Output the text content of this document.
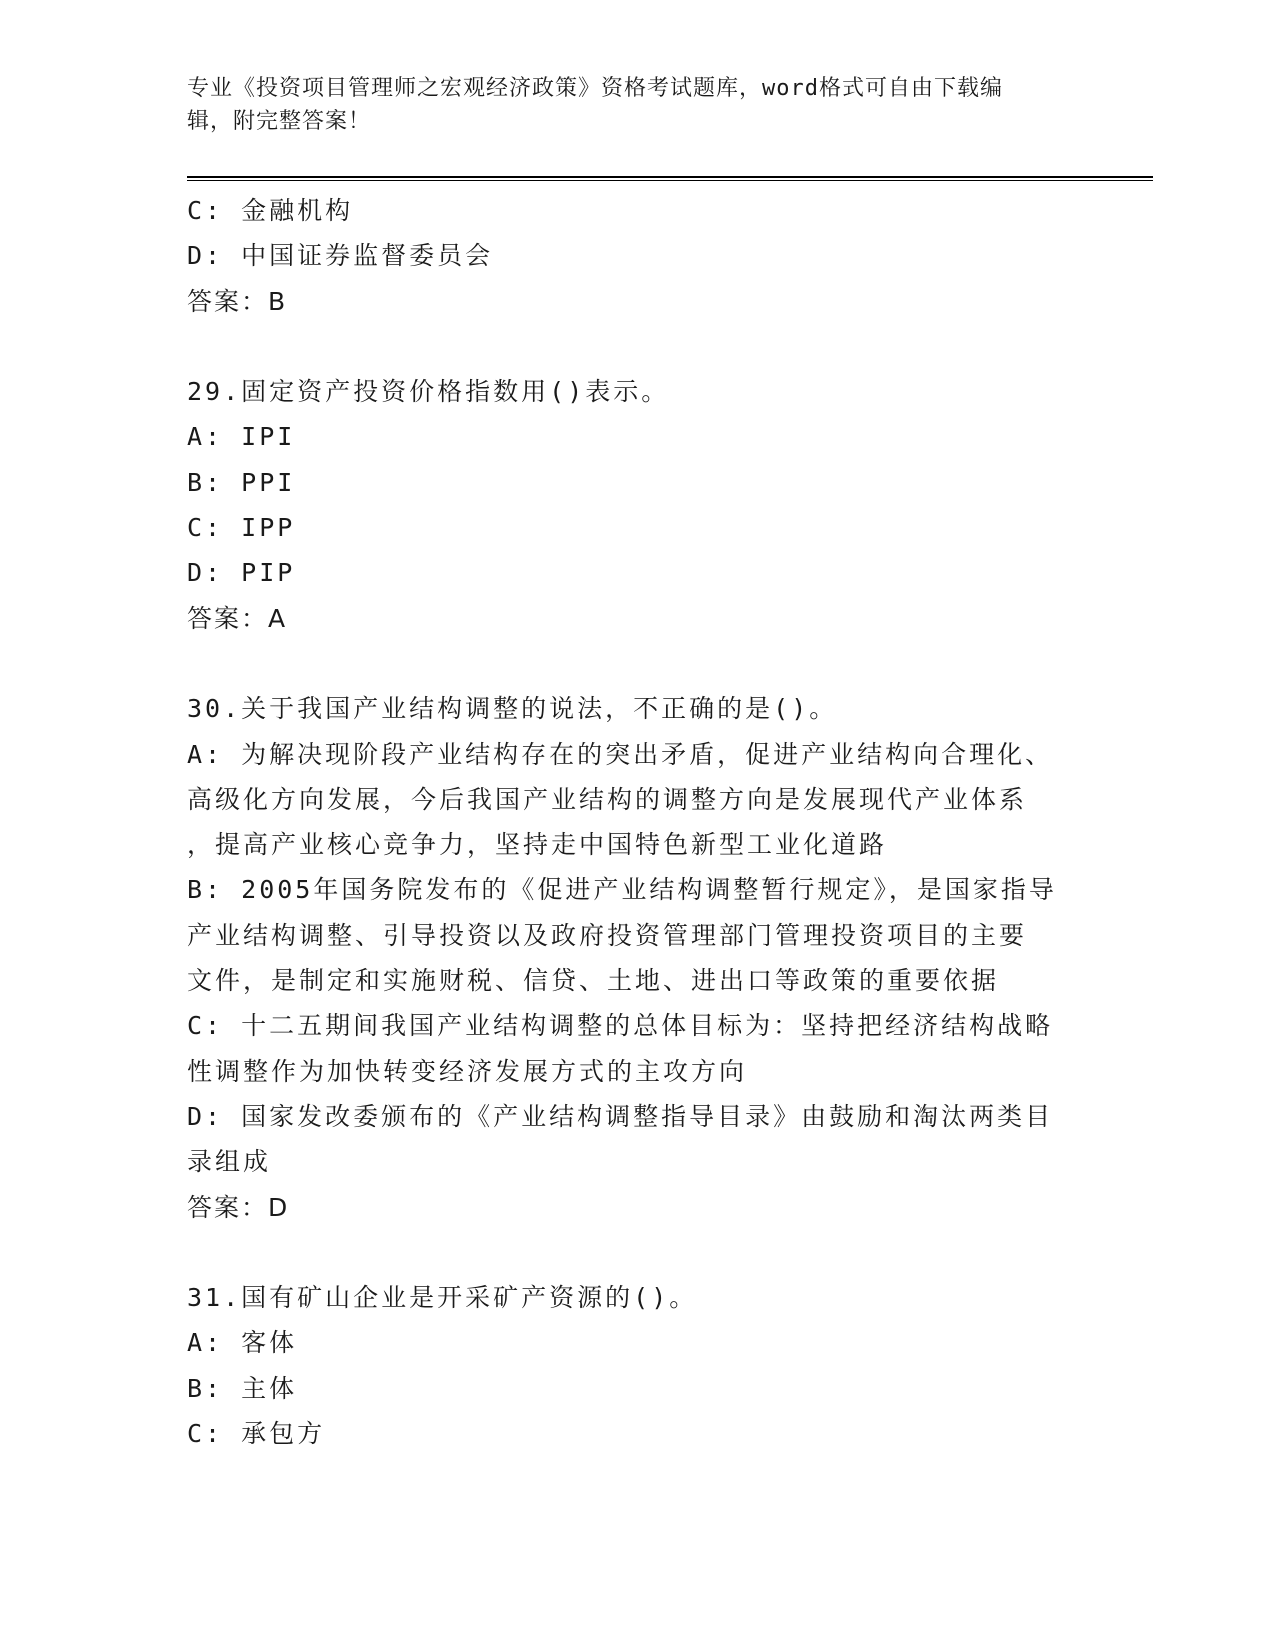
专业《投资项目管理师之宏观经济政策》资格考试题库，word格式可自由下载编
辑，附完整答案！
C: 金融机构
D: 中国证券监督委员会
答案：B
29.固定资产投资价格指数用()表示。
A: IPI
B: PPI
C: IPP
D: PIP
答案：A
30.关于我国产业结构调整的说法，不正确的是()。
A: 为解决现阶段产业结构存在的突出矛盾，促进产业结构向合理化、
高级化方向发展，今后我国产业结构的调整方向是发展现代产业体系
，提高产业核心竞争力，坚持走中国特色新型工业化道路
B: 2005年国务院发布的《促进产业结构调整暂行规定》，是国家指导
产业结构调整、引导投资以及政府投资管理部门管理投资项目的主要
文件，是制定和实施财税、信贷、土地、进出口等政策的重要依据
C: 十二五期间我国产业结构调整的总体目标为：坚持把经济结构战略
性调整作为加快转变经济发展方式的主攻方向
D: 国家发改委颁布的《产业结构调整指导目录》由鼓励和淘汰两类目
录组成
答案：D
31.国有矿山企业是开采矿产资源的()。
A: 客体
B: 主体
C: 承包方
